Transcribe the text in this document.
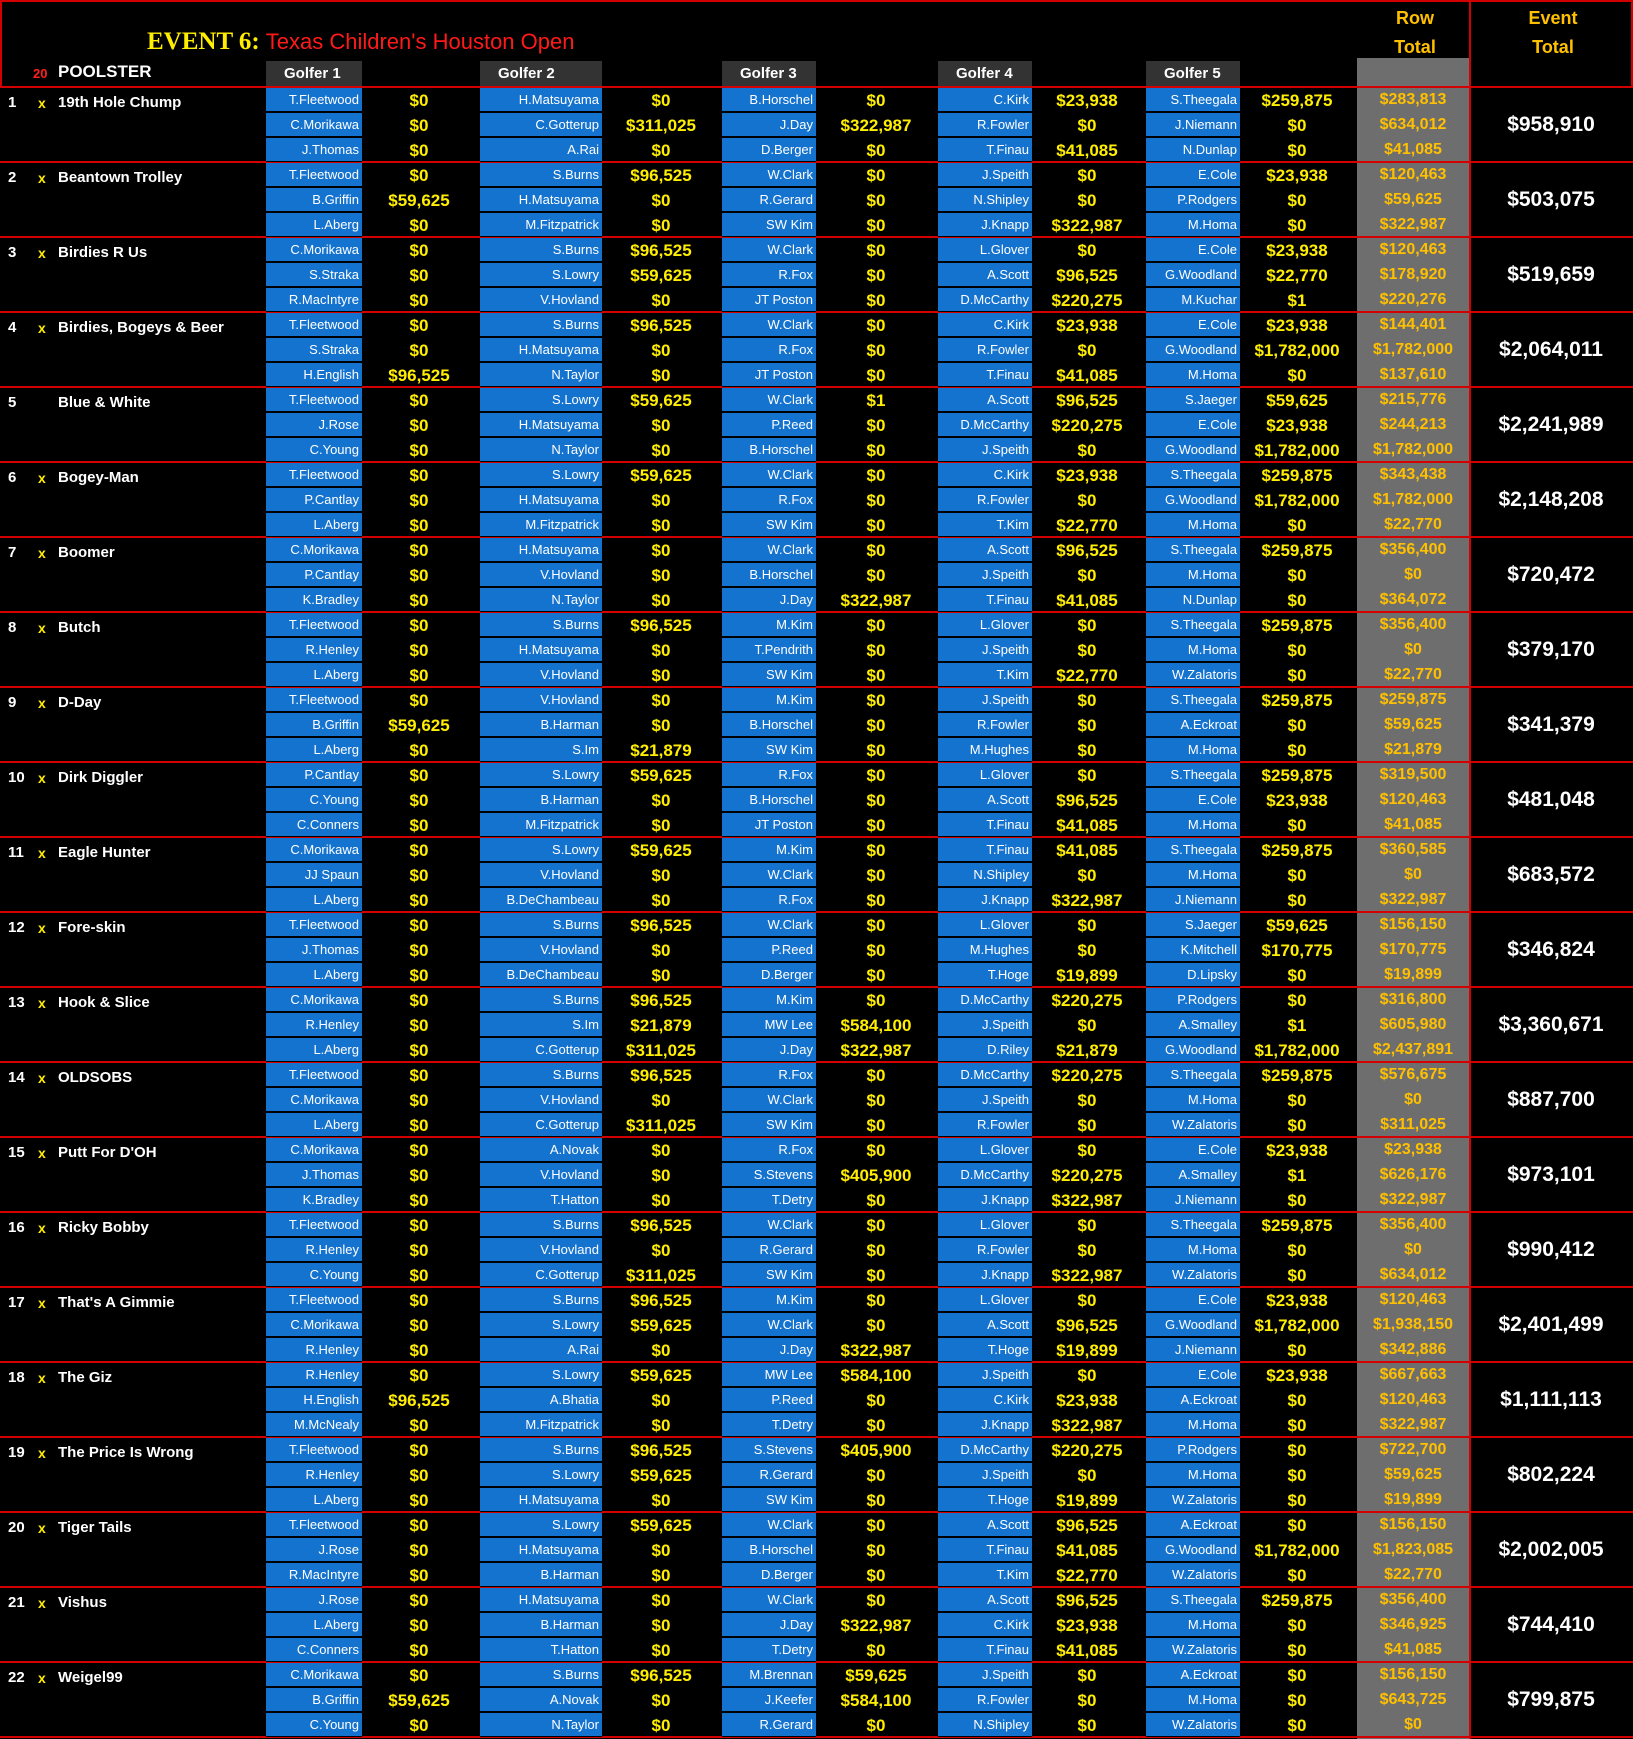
EVENT 6: Texas Children's Houston Open
Row
Total
Event
Total
20 POOLSTER	Golfer 1	Golfer 2	Golfer 3	Golfer 4	Golfer 5
1 x 19th Hole Chump
$958,910
T.Fleetwood	$0	H.Matsuyama	$0	B.Horschel	$0	C.Kirk	$23,938	S.Theegala	$259,875	$283,813
C.Morikawa	$0	C.Gotterup	$311,025	J.Day	$322,987	R.Fowler	$0	J.Niemann	$0	$634,012
J.Thomas	$0	A.Rai	$0	D.Berger	$0	T.Finau	$41,085	N.Dunlap	$0	$41,085
2 x Beantown Trolley
$503,075
T.Fleetwood	$0	S.Burns	$96,525	W.Clark	$0	J.Speith	$0	E.Cole	$23,938	$120,463
B.Griffin	$59,625	H.Matsuyama	$0	R.Gerard	$0	N.Shipley	$0	P.Rodgers	$0	$59,625
L.Aberg	$0	M.Fitzpatrick	$0	SW Kim	$0	J.Knapp	$322,987	M.Homa	$0	$322,987
3 x Birdies R Us
$519,659
C.Morikawa	$0	S.Burns	$96,525	W.Clark	$0	L.Glover	$0	E.Cole	$23,938	$120,463
S.Straka	$0	S.Lowry	$59,625	R.Fox	$0	A.Scott	$96,525	G.Woodland	$22,770	$178,920
R.MacIntyre	$0	V.Hovland	$0	JT Poston	$0	D.McCarthy	$220,275	M.Kuchar	$1	$220,276
4 x Birdies, Bogeys & Beer
$2,064,011
T.Fleetwood	$0	S.Burns	$96,525	W.Clark	$0	C.Kirk	$23,938	E.Cole	$23,938	$144,401
S.Straka	$0	H.Matsuyama	$0	R.Fox	$0	R.Fowler	$0	G.Woodland	$1,782,000	$1,782,000
H.English	$96,525	N.Taylor	$0	JT Poston	$0	T.Finau	$41,085	M.Homa	$0	$137,610
5	Blue & White
$2,241,989
T.Fleetwood	$0	S.Lowry	$59,625	W.Clark	$1	A.Scott	$96,525	S.Jaeger	$59,625	$215,776
J.Rose	$0	H.Matsuyama	$0	P.Reed	$0	D.McCarthy	$220,275	E.Cole	$23,938	$244,213
C.Young	$0	N.Taylor	$0	B.Horschel	$0	J.Speith	$0	G.Woodland	$1,782,000	$1,782,000
6 x Bogey-Man
$2,148,208
T.Fleetwood	$0	S.Lowry	$59,625	W.Clark	$0	C.Kirk	$23,938	S.Theegala	$259,875	$343,438
P.Cantlay	$0	H.Matsuyama	$0	R.Fox	$0	R.Fowler	$0	G.Woodland	$1,782,000	$1,782,000
L.Aberg	$0	M.Fitzpatrick	$0	SW Kim	$0	T.Kim	$22,770	M.Homa	$0	$22,770
7 x Boomer
$720,472
C.Morikawa	$0	H.Matsuyama	$0	W.Clark	$0	A.Scott	$96,525	S.Theegala	$259,875	$356,400
P.Cantlay	$0	V.Hovland	$0	B.Horschel	$0	J.Speith	$0	M.Homa	$0	$0
K.Bradley	$0	N.Taylor	$0	J.Day	$322,987	T.Finau	$41,085	N.Dunlap	$0	$364,072
8 x Butch
$379,170
T.Fleetwood	$0	S.Burns	$96,525	M.Kim	$0	L.Glover	$0	S.Theegala	$259,875	$356,400
R.Henley	$0	H.Matsuyama	$0	T.Pendrith	$0	J.Speith	$0	M.Homa	$0	$0
L.Aberg	$0	V.Hovland	$0	SW Kim	$0	T.Kim	$22,770	W.Zalatoris	$0	$22,770
9 x D-Day
$341,379
T.Fleetwood	$0	V.Hovland	$0	M.Kim	$0	J.Speith	$0	S.Theegala	$259,875	$259,875
B.Griffin	$59,625	B.Harman	$0	B.Horschel	$0	R.Fowler	$0	A.Eckroat	$0	$59,625
L.Aberg	$0	S.Im	$21,879	SW Kim	$0	M.Hughes	$0	M.Homa	$0	$21,879
10 x Dirk Diggler
$481,048
P.Cantlay	$0	S.Lowry	$59,625	R.Fox	$0	L.Glover	$0	S.Theegala	$259,875	$319,500
C.Young	$0	B.Harman	$0	B.Horschel	$0	A.Scott	$96,525	E.Cole	$23,938	$120,463
C.Conners	$0	M.Fitzpatrick	$0	JT Poston	$0	T.Finau	$41,085	M.Homa	$0	$41,085
11 x Eagle Hunter
$683,572
C.Morikawa	$0	S.Lowry	$59,625	M.Kim	$0	T.Finau	$41,085	S.Theegala	$259,875	$360,585
JJ Spaun	$0	V.Hovland	$0	W.Clark	$0	N.Shipley	$0	M.Homa	$0	$0
L.Aberg	$0	B.DeChambeau	$0	R.Fox	$0	J.Knapp	$322,987	J.Niemann	$0	$322,987
12 x Fore-skin
$346,824
T.Fleetwood	$0	S.Burns	$96,525	W.Clark	$0	L.Glover	$0	S.Jaeger	$59,625	$156,150
J.Thomas	$0	V.Hovland	$0	P.Reed	$0	M.Hughes	$0	K.Mitchell	$170,775	$170,775
L.Aberg	$0	B.DeChambeau	$0	D.Berger	$0	T.Hoge	$19,899	D.Lipsky	$0	$19,899
13 x Hook & Slice
$3,360,671
C.Morikawa	$0	S.Burns	$96,525	M.Kim	$0	D.McCarthy	$220,275	P.Rodgers	$0	$316,800
R.Henley	$0	S.Im	$21,879	MW Lee	$584,100	J.Speith	$0	A.Smalley	$1	$605,980
L.Aberg	$0	C.Gotterup	$311,025	J.Day	$322,987	D.Riley	$21,879	G.Woodland	$1,782,000	$2,437,891
14 x OLDSOBS
$887,700
T.Fleetwood	$0	S.Burns	$96,525	R.Fox	$0	D.McCarthy	$220,275	S.Theegala	$259,875	$576,675
C.Morikawa	$0	V.Hovland	$0	W.Clark	$0	J.Speith	$0	M.Homa	$0	$0
L.Aberg	$0	C.Gotterup	$311,025	SW Kim	$0	R.Fowler	$0	W.Zalatoris	$0	$311,025
15 x Putt For D'OH
$973,101
C.Morikawa	$0	A.Novak	$0	R.Fox	$0	L.Glover	$0	E.Cole	$23,938	$23,938
J.Thomas	$0	V.Hovland	$0	S.Stevens	$405,900	D.McCarthy	$220,275	A.Smalley	$1	$626,176
K.Bradley	$0	T.Hatton	$0	T.Detry	$0	J.Knapp	$322,987	J.Niemann	$0	$322,987
16 x Ricky Bobby
$990,412
T.Fleetwood	$0	S.Burns	$96,525	W.Clark	$0	L.Glover	$0	S.Theegala	$259,875	$356,400
R.Henley	$0	V.Hovland	$0	R.Gerard	$0	R.Fowler	$0	M.Homa	$0	$0
C.Young	$0	C.Gotterup	$311,025	SW Kim	$0	J.Knapp	$322,987	W.Zalatoris	$0	$634,012
17 x That's A Gimmie
$2,401,499
T.Fleetwood	$0	S.Burns	$96,525	M.Kim	$0	L.Glover	$0	E.Cole	$23,938	$120,463
C.Morikawa	$0	S.Lowry	$59,625	W.Clark	$0	A.Scott	$96,525	G.Woodland	$1,782,000	$1,938,150
R.Henley	$0	A.Rai	$0	J.Day	$322,987	T.Hoge	$19,899	J.Niemann	$0	$342,886
18 x The Giz
$1,111,113
R.Henley	$0	S.Lowry	$59,625	MW Lee	$584,100	J.Speith	$0	E.Cole	$23,938	$667,663
H.English	$96,525	A.Bhatia	$0	P.Reed	$0	C.Kirk	$23,938	A.Eckroat	$0	$120,463
M.McNealy	$0	M.Fitzpatrick	$0	T.Detry	$0	J.Knapp	$322,987	M.Homa	$0	$322,987
19 x The Price Is Wrong
$802,224
T.Fleetwood	$0	S.Burns	$96,525	S.Stevens	$405,900	D.McCarthy	$220,275	P.Rodgers	$0	$722,700
R.Henley	$0	S.Lowry	$59,625	R.Gerard	$0	J.Speith	$0	M.Homa	$0	$59,625
L.Aberg	$0	H.Matsuyama	$0	SW Kim	$0	T.Hoge	$19,899	W.Zalatoris	$0	$19,899
20 x Tiger Tails
$2,002,005
T.Fleetwood	$0	S.Lowry	$59,625	W.Clark	$0	A.Scott	$96,525	A.Eckroat	$0	$156,150
J.Rose	$0	H.Matsuyama	$0	B.Horschel	$0	T.Finau	$41,085	G.Woodland	$1,782,000	$1,823,085
R.MacIntyre	$0	B.Harman	$0	D.Berger	$0	T.Kim	$22,770	W.Zalatoris	$0	$22,770
21 x Vishus
$744,410
J.Rose	$0	H.Matsuyama	$0	W.Clark	$0	A.Scott	$96,525	S.Theegala	$259,875	$356,400
L.Aberg	$0	B.Harman	$0	J.Day	$322,987	C.Kirk	$23,938	M.Homa	$0	$346,925
C.Conners	$0	T.Hatton	$0	T.Detry	$0	T.Finau	$41,085	W.Zalatoris	$0	$41,085
22 x Weigel99
$799,875
C.Morikawa	$0	S.Burns	$96,525	M.Brennan	$59,625	J.Speith	$0	A.Eckroat	$0	$156,150
B.Griffin	$59,625	A.Novak	$0	J.Keefer	$584,100	R.Fowler	$0	M.Homa	$0	$643,725
C.Young	$0	N.Taylor	$0	R.Gerard	$0	N.Shipley	$0	W.Zalatoris	$0	$0
